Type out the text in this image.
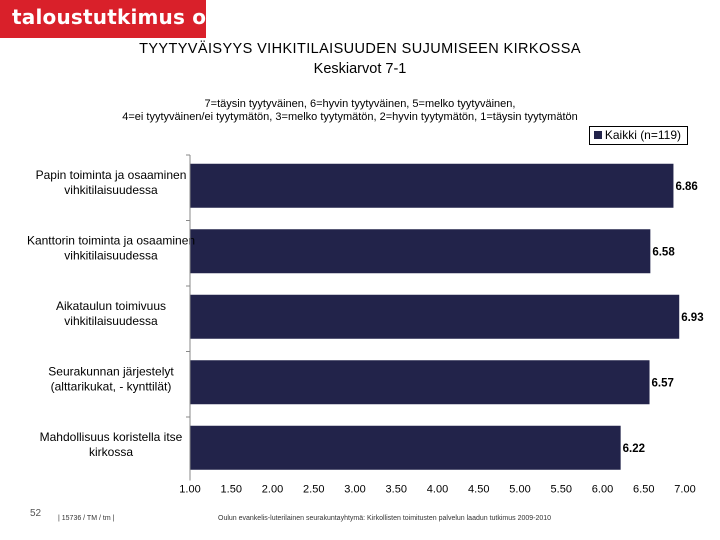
taloustutkimus oy
TYYTYVÄISYYS VIHKITILAISUUDEN SUJUMISEEN KIRKOSSA
Keskiarvot 7-1
7=täysin tyytyväinen, 6=hyvin tyytyväinen, 5=melko tyytyväinen,
4=ei tyytyväinen/ei tyytymätön, 3=melko tyytymätön, 2=hyvin tyytymätön, 1=täysin tyytymätön
Kaikki (n=119)
Papin toiminta ja osaaminen vihkitilaisuudessa	6.86
Kanttorin toiminta ja osaaminen vihkitilaisuudessa	6.58
Aikataulun toimivuus vihkitilaisuudessa	6.93
Seurakunnan järjestelyt (alttarikukat, - kynttilät)	6.57
Mahdollisuus koristella itse kirkossa	6.22
1.00 1.50 2.00 2.50 3.00 3.50 4.00 4.50 5.00 5.50 6.00 6.50 7.00
52 | 15736 / TM / tm |	Oulun evankelis-luterilainen seurakuntayhtymä: Kirkollisten toimitusten palvelun laadun tutkimus 2009-2010
